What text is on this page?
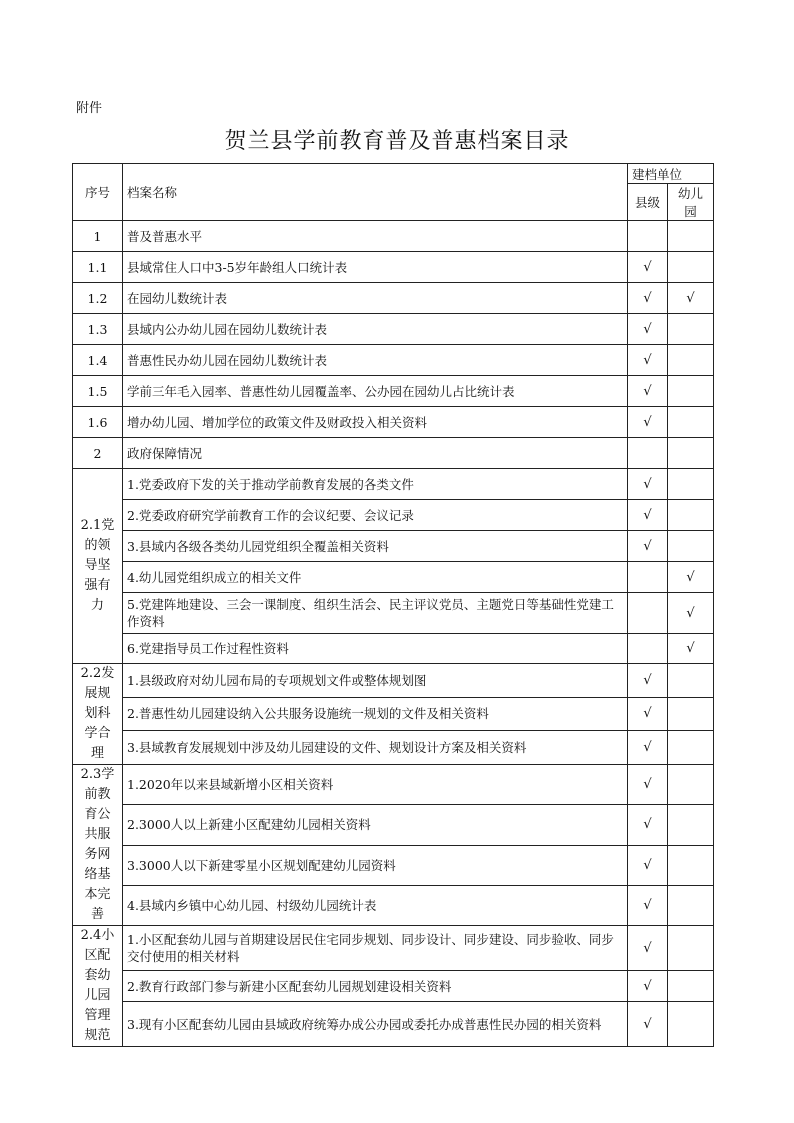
附件
贺兰县学前教育普及普惠档案目录
序号	档案名称	建档单位	
		县级	幼儿园
1	普及普惠水平		
1.1	县域常住人口中3-5岁年龄组人口统计表	√	
1.2	在园幼儿数统计表	√	√
1.3	县域内公办幼儿园在园幼儿数统计表	√	
1.4	普惠性民办幼儿园在园幼儿数统计表	√	
1.5	学前三年毛入园率、普惠性幼儿园覆盖率、公办园在园幼儿占比统计表	√	
1.6	增办幼儿园、增加学位的政策文件及财政投入相关资料	√	
2	政府保障情况		
2.1党的领导坚强有力	1.党委政府下发的关于推动学前教育发展的各类文件	√	
	2.党委政府研究学前教育工作的会议纪要、会议记录	√	
	3.县域内各级各类幼儿园党组织全覆盖相关资料	√	
	4.幼儿园党组织成立的相关文件		√
	5.党建阵地建设、三会一课制度、组织生活会、民主评议党员、主题党日等基础性党建工作资料		√
	6.党建指导员工作过程性资料		√
2.2发展规划科学合理	1.县级政府对幼儿园布局的专项规划文件或整体规划图	√	
	2.普惠性幼儿园建设纳入公共服务设施统一规划的文件及相关资料	√	
	3.县域教育发展规划中涉及幼儿园建设的文件、规划设计方案及相关资料	√	
2.3学前教育公共服务网络基本完善	1.2020年以来县域新增小区相关资料	√	
	2.3000人以上新建小区配建幼儿园相关资料	√	
	3.3000人以下新建零星小区规划配建幼儿园资料	√	
	4.县域内乡镇中心幼儿园、村级幼儿园统计表	√	
2.4小区配套幼儿园管理规范	1.小区配套幼儿园与首期建设居民住宅同步规划、同步设计、同步建设、同步验收、同步交付使用的相关材料	√	
	2.教育行政部门参与新建小区配套幼儿园规划建设相关资料	√	
	3.现有小区配套幼儿园由县域政府统筹办成公办园或委托办成普惠性民办园的相关资料	√	
